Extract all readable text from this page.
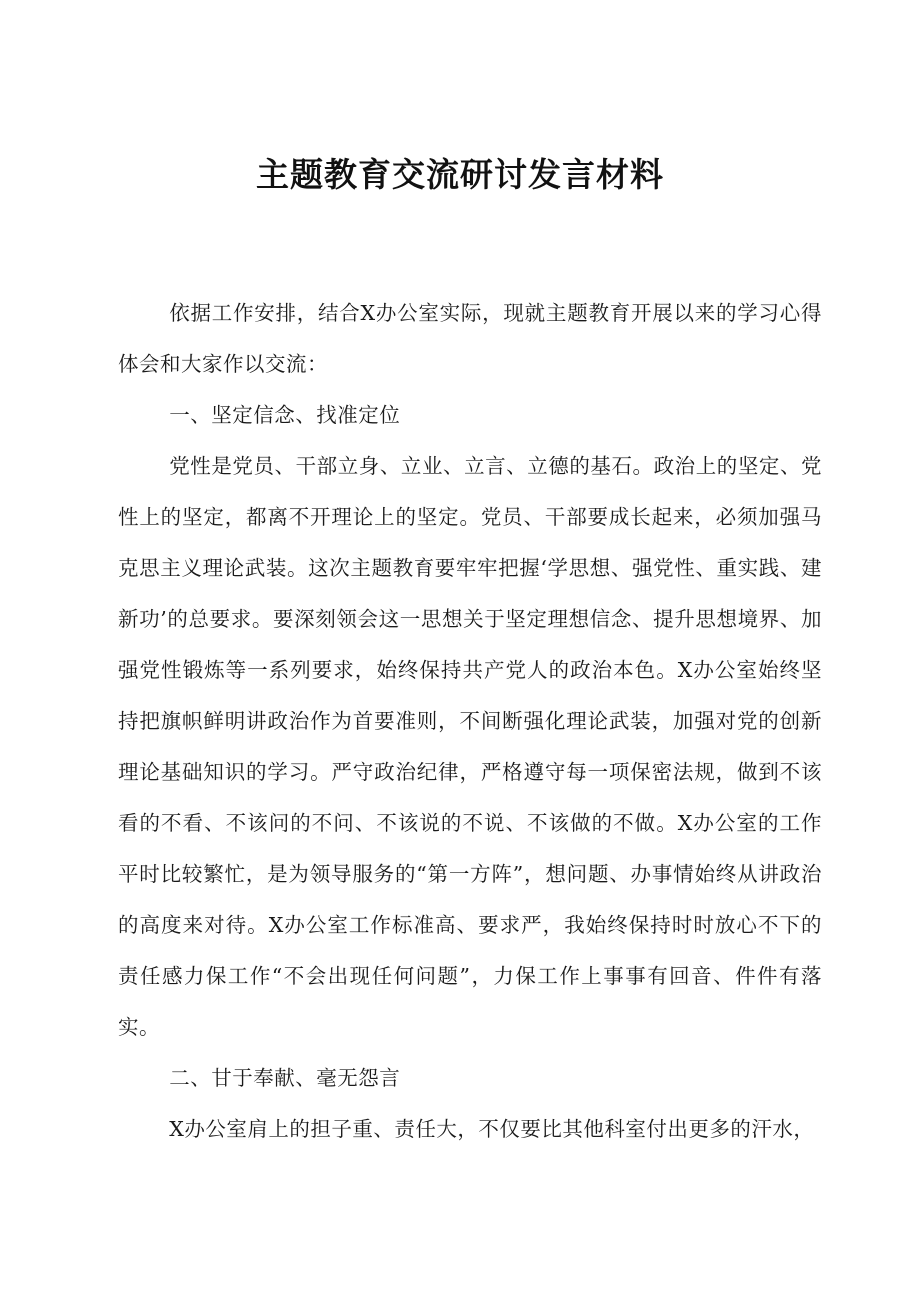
主题教育交流研讨发言材料

依据工作安排，结合X办公室实际，现就主题教育开展以来的学习心得体会和大家作以交流：

一、坚定信念、找准定位

党性是党员、干部立身、立业、立言、立德的基石。政治上的坚定、党性上的坚定，都离不开理论上的坚定。党员、干部要成长起来，必须加强马克思主义理论武装。这次主题教育要牢牢把握‘学思想、强党性、重实践、建新功’的总要求。要深刻领会这一思想关于坚定理想信念、提升思想境界、加强党性锻炼等一系列要求，始终保持共产党人的政治本色。X办公室始终坚持把旗帜鲜明讲政治作为首要准则，不间断强化理论武装，加强对党的创新理论基础知识的学习。严守政治纪律，严格遵守每一项保密法规，做到不该看的不看、不该问的不问、不该说的不说、不该做的不做。X办公室的工作平时比较繁忙，是为领导服务的“第一方阵”，想问题、办事情始终从讲政治的高度来对待。X办公室工作标准高、要求严，我始终保持时时放心不下的责任感力保工作“不会出现任何问题”，力保工作上事事有回音、件件有落实。

二、甘于奉献、毫无怨言

X办公室肩上的担子重、责任大，不仅要比其他科室付出更多的汗水，
